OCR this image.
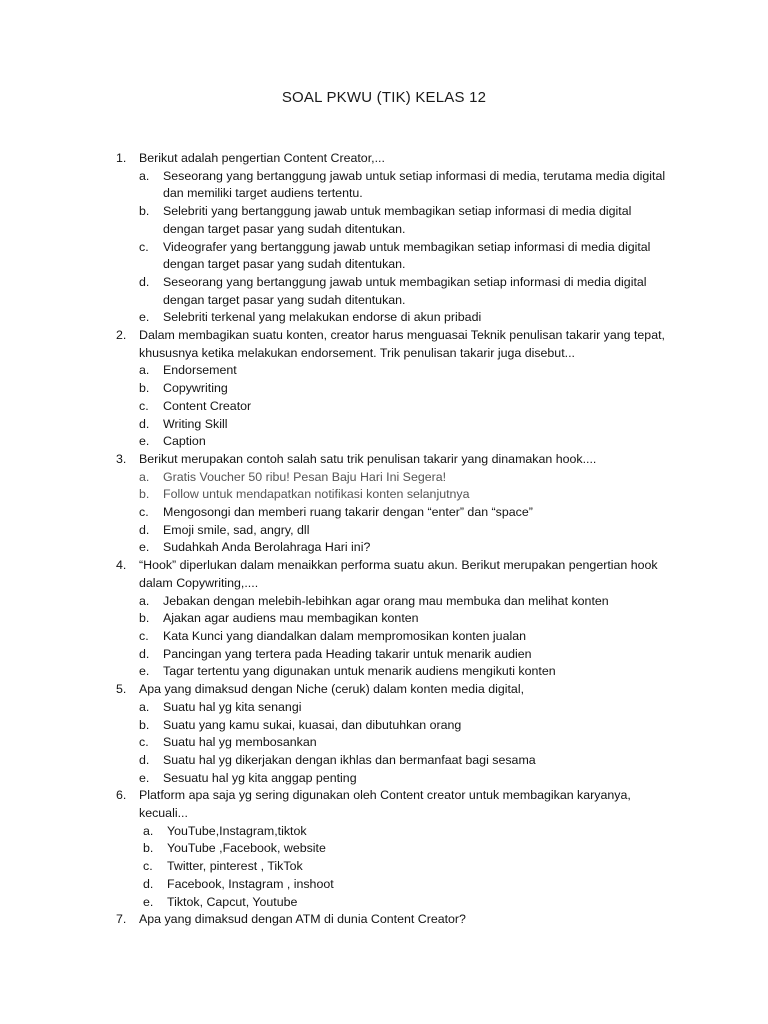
SOAL PKWU (TIK) KELAS 12
1. Berikut adalah pengertian Content Creator,...
a. Seseorang yang bertanggung jawab untuk setiap informasi di media, terutama media digital dan memiliki target audiens tertentu.
b. Selebriti yang bertanggung jawab untuk membagikan setiap informasi di media digital dengan target pasar yang sudah ditentukan.
c. Videografer yang bertanggung jawab untuk membagikan setiap informasi di media digital dengan target pasar yang sudah ditentukan.
d. Seseorang yang bertanggung jawab untuk membagikan setiap informasi di media digital dengan target pasar yang sudah ditentukan.
e. Selebriti terkenal yang melakukan endorse di akun pribadi
2. Dalam membagikan suatu konten, creator harus menguasai Teknik penulisan takarir yang tepat, khususnya ketika melakukan endorsement. Trik penulisan takarir juga disebut...
a. Endorsement
b. Copywriting
c. Content Creator
d. Writing Skill
e. Caption
3. Berikut merupakan contoh salah satu trik penulisan takarir yang dinamakan hook....
a. Gratis Voucher 50 ribu! Pesan Baju Hari Ini Segera!
b. Follow untuk mendapatkan notifikasi konten selanjutnya
c. Mengosongi dan memberi ruang takarir dengan “enter” dan “space”
d. Emoji smile, sad, angry, dll
e. Sudahkah Anda Berolahraga Hari ini?
4. “Hook” diperlukan dalam menaikkan performa suatu akun. Berikut merupakan pengertian hook dalam Copywriting,....
a. Jebakan dengan melebih-lebihkan agar orang mau membuka dan melihat konten
b. Ajakan agar audiens mau membagikan konten
c. Kata Kunci yang diandalkan dalam mempromosikan konten jualan
d. Pancingan yang tertera pada Heading takarir untuk menarik audien
e. Tagar tertentu yang digunakan untuk menarik audiens mengikuti konten
5. Apa yang dimaksud dengan Niche (ceruk) dalam konten media digital,
a. Suatu hal yg kita senangi
b. Suatu yang kamu sukai, kuasai, dan dibutuhkan orang
c. Suatu hal yg membosankan
d. Suatu hal yg dikerjakan dengan ikhlas dan bermanfaat bagi sesama
e. Sesuatu hal yg kita anggap penting
6. Platform apa saja yg sering digunakan oleh Content creator untuk membagikan karyanya, kecuali...
a. YouTube,Instagram,tiktok
b. YouTube ,Facebook, website
c. Twitter, pinterest , TikTok
d. Facebook, Instagram , inshoot
e. Tiktok, Capcut, Youtube
7. Apa yang dimaksud dengan ATM di dunia Content Creator?
